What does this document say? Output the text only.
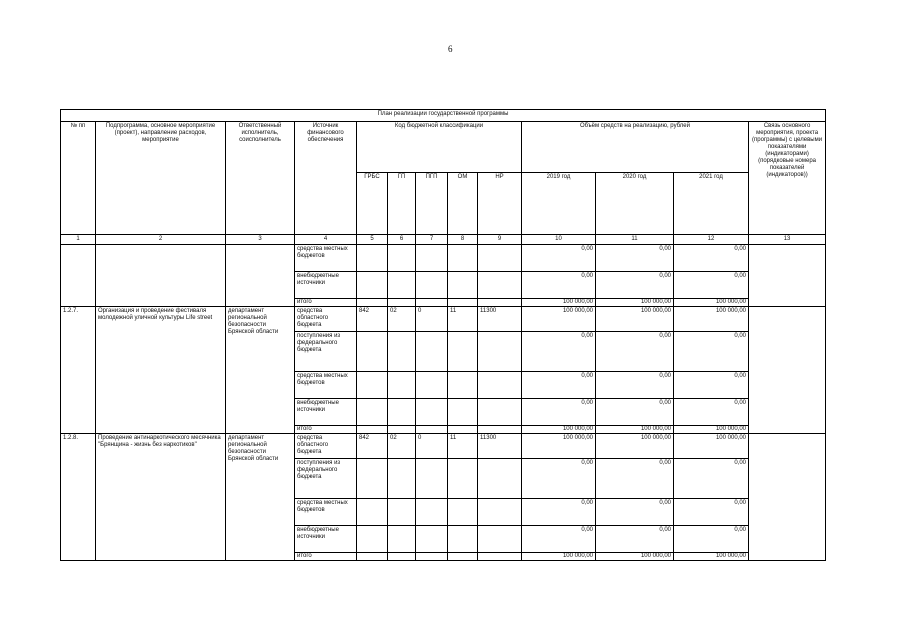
6
План реализации государственной программы												
№ пп	Подпрограмма, основное мероприятие (проект), направление расходов, мероприятие	Ответственный исполнитель, соисполнитель	Источник финансового обеспечения	Код бюджетной классификации					Объём средств на реализацию, рублей			Связь основного мероприятия, проекта (программы) с целевыми показателями (индикаторами) (порядковые номера показателей (индикаторов))
				ГРБС	ГП	ПГП	ОМ	НР	2019 год	2020 год	2021 год	
1	2	3	4	5	6	7	8	9	10	11	12	13
			средства местных бюджетов						0,00	0,00	0,00	
			внебюджетные источники						0,00	0,00	0,00	
			итого						100 000,00	100 000,00	100 000,00	
1.2.7.	Организация и проведение фестиваля молодежной уличной культуры Life street	департамент региональной безопасности Брянской области	средства областного бюджета	842	02	0	11	11300	100 000,00	100 000,00	100 000,00	
			поступления из федерального бюджета						0,00	0,00	0,00	
			средства местных бюджетов						0,00	0,00	0,00	
			внебюджетные источники						0,00	0,00	0,00	
			итого						100 000,00	100 000,00	100 000,00	
1.2.8.	Проведение антинаркотического месячника "Брянщина - жизнь без наркотиков"	департамент региональной безопасности Брянской области	средства областного бюджета	842	02	0	11	11300	100 000,00	100 000,00	100 000,00	
			поступления из федерального бюджета						0,00	0,00	0,00	
			средства местных бюджетов						0,00	0,00	0,00	
			внебюджетные источники						0,00	0,00	0,00	
			итого						100 000,00	100 000,00	100 000,00	
